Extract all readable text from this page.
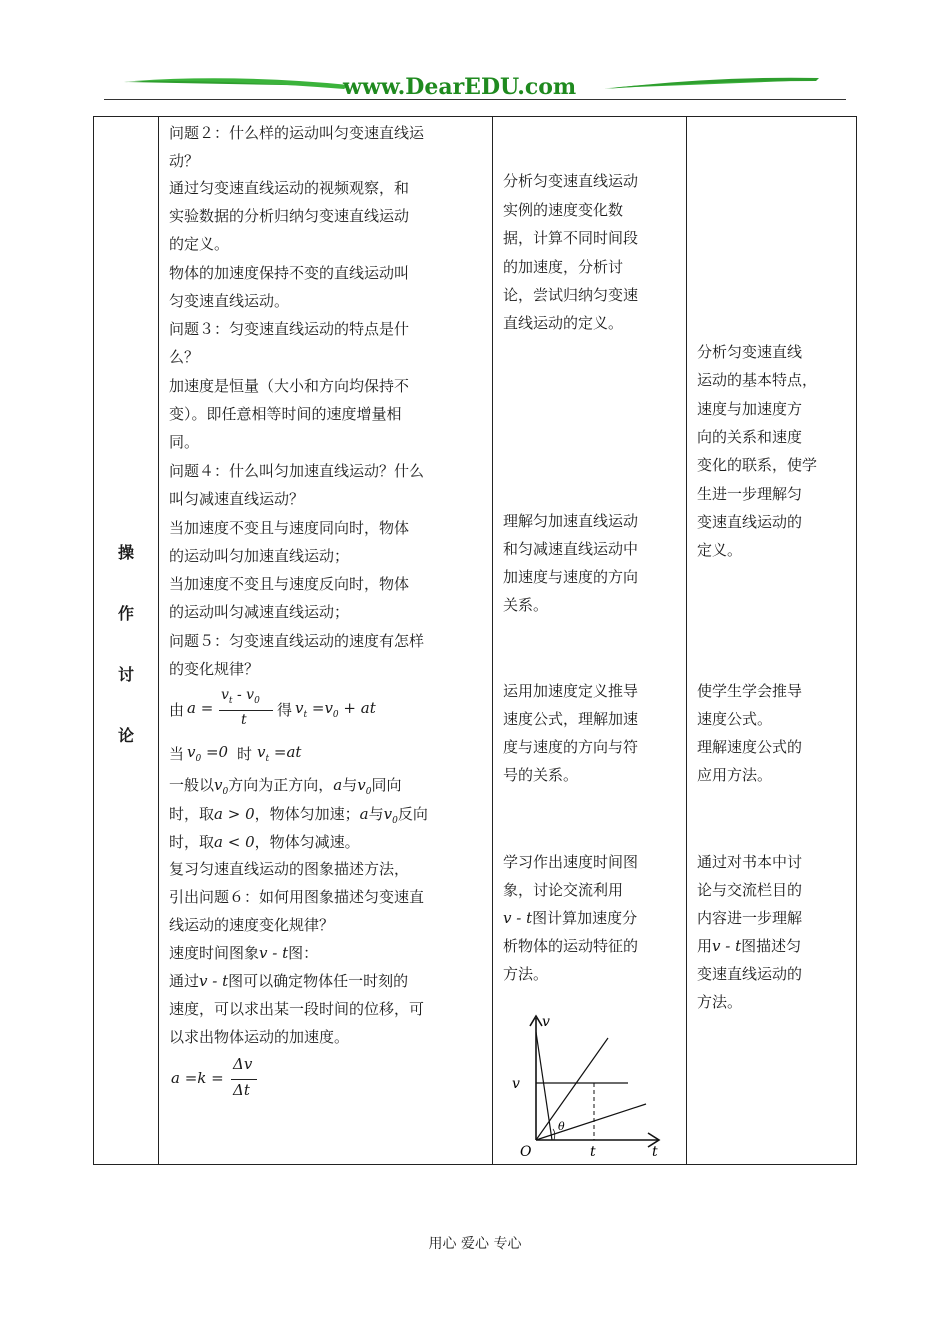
www.DearEDU.com
操
作
讨
论

问题２：什么样的运动叫匀变速直线运

动？

通过匀变速直线运动的视频观察，和

实验数据的分析归纳匀变速直线运动

的定义。

物体的加速度保持不变的直线运动叫

匀变速直线运动。

问题３：匀变速直线运动的特点是什

么？

加速度是恒量（大小和方向均保持不

变）。即任意相等时间的速度增量相

同。

问题４：什么叫匀加速直线运动？什么

叫匀减速直线运动？

当加速度不变且与速度同向时，物体

的运动叫匀加速直线运动；

当加速度不变且与速度反向时，物体

的运动叫匀减速直线运动；

问题５：匀变速直线运动的速度有怎样

的变化规律？

由 a =
$v_t - v_0$
t
得 $v_t =v_0$ + at
当 $v_0 =0$ 时 $v_t =at$
一般以$v_0$方向为正方向，a与$v_0$同向
时，取a > 0，物体匀加速；a与$v_0$反向
时，取a < 0，物体匀减速。

复习匀速直线运动的图象描述方法，

引出问题６：如何用图象描述匀变速直

线运动的速度变化规律？

速度时间图象v - t图：
通过v - t图可以确定物体任一时刻的

速度，可以求出某一段时间的位移，可

以求出物体运动的加速度。

a =k =
Δv
Δt

分析匀变速直线运动

实例的速度变化数

据，计算不同时间段

的加速度，分析讨

论，尝试归纳匀变速

直线运动的定义。

理解匀加速直线运动

和匀减速直线运动中

加速度与速度的方向

关系。

运用加速度定义推导

速度公式，理解加速

度与速度的方向与符

号的关系。

学习作出速度时间图

象，讨论交流利用

v - t图计算加速度分

析物体的运动特征的

方法。

v
v
θ
O	t	t

分析匀变速直线

运动的基本特点，

速度与加速度方

向的关系和速度

变化的联系，使学

生进一步理解匀

变速直线运动的

定义。

使学生学会推导

速度公式。

理解速度公式的

应用方法。

通过对书本中讨

论与交流栏目的

内容进一步理解

用v - t图描述匀

变速直线运动的

方法。

用心 爱心 专心
